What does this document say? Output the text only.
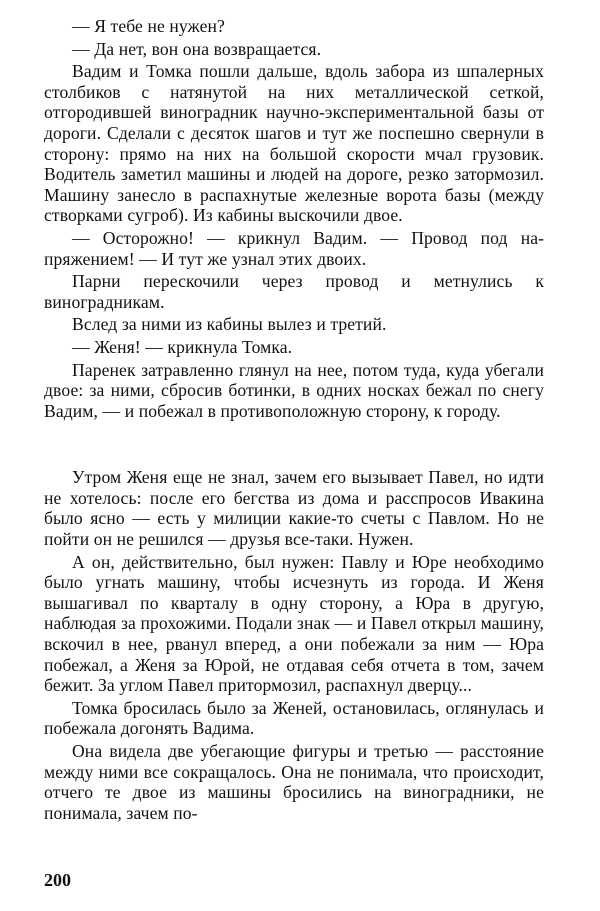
— Я тебе не нужен?

— Да нет, вон она возвращается.

Вадим и Томка пошли дальше, вдоль забора из шпалерных столбиков с натянутой на них металлической сеткой, отгородившей виноградник научно-экспериментальной базы от дороги. Сделали с десяток шагов и тут же поспешно свернули в сторону: прямо на них на большой скорости мчал грузовик. Водитель заметил машины и людей на дороге, резко затормозил. Машину занесло в распахнутые железные ворота базы (между створками сугроб). Из кабины выскочили двое.

— Осторожно! — крикнул Вадим. — Провод под напряжением! — И тут же узнал этих двоих.

Парни перескочили через провод и метнулись к виноградникам.

Вслед за ними из кабины вылез и третий.

— Женя! — крикнула Томка.

Паренек затравленно глянул на нее, потом туда, куда убегали двое: за ними, сбросив ботинки, в одних носках бежал по снегу Вадим, — и побежал в противоположную сторону, к городу.

Утром Женя еще не знал, зачем его вызывает Павел, но идти не хотелось: после его бегства из дома и расспросов Ивакина было ясно — есть у милиции какие-то счеты с Павлом. Но не пойти он не решился — друзья все-таки. Нужен.

А он, действительно, был нужен: Павлу и Юре необходимо было угнать машину, чтобы исчезнуть из города. И Женя вышагивал по кварталу в одну сторону, а Юра в другую, наблюдая за прохожими. Подали знак — и Павел открыл машину, вскочил в нее, рванул вперед, а они побежали за ним — Юра побежал, а Женя за Юрой, не отдавая себя отчета в том, зачем бежит. За углом Павел притормозил, распахнул дверцу...

Томка бросилась было за Женей, остановилась, оглянулась и побежала догонять Вадима.

Она видела две убегающие фигуры и третью — расстояние между ними все сокращалось. Она не понимала, что происходит, отчего те двое из машины бросились на виноградники, не понимала, зачем по-

200
